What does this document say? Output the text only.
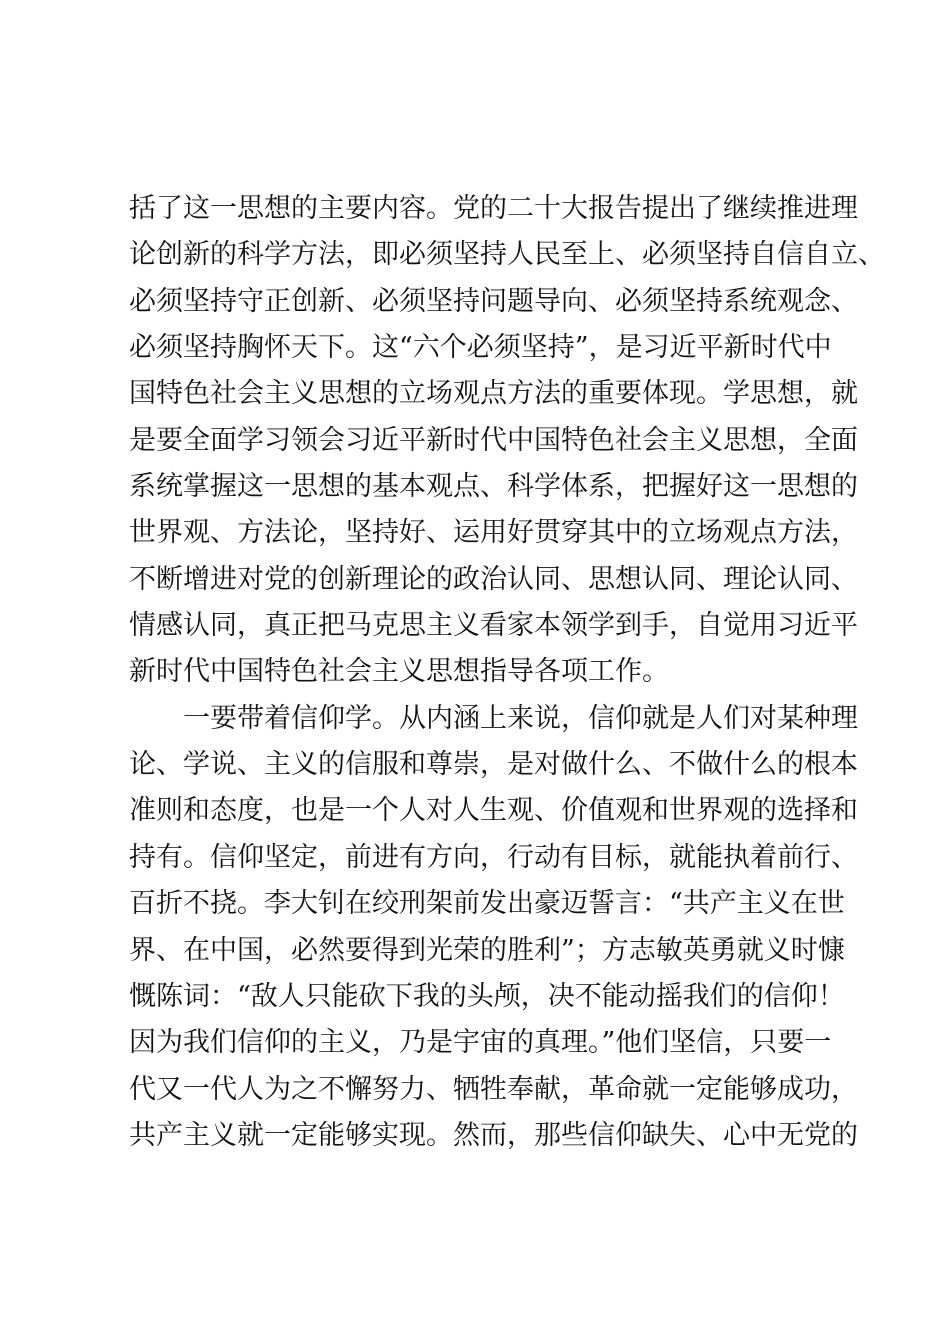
括了这一思想的主要内容。党的二十大报告提出了继续推进理
论创新的科学方法，即必须坚持人民至上、必须坚持自信自立、
必须坚持守正创新、必须坚持问题导向、必须坚持系统观念、
必须坚持胸怀天下。这“六个必须坚持”，是习近平新时代中
国特色社会主义思想的立场观点方法的重要体现。学思想，就
是要全面学习领会习近平新时代中国特色社会主义思想，全面
系统掌握这一思想的基本观点、科学体系，把握好这一思想的
世界观、方法论，坚持好、运用好贯穿其中的立场观点方法，
不断增进对党的创新理论的政治认同、思想认同、理论认同、
情感认同，真正把马克思主义看家本领学到手，自觉用习近平
新时代中国特色社会主义思想指导各项工作。
一要带着信仰学。从内涵上来说，信仰就是人们对某种理
论、学说、主义的信服和尊崇，是对做什么、不做什么的根本
准则和态度，也是一个人对人生观、价值观和世界观的选择和
持有。信仰坚定，前进有方向，行动有目标，就能执着前行、
百折不挠。李大钊在绞刑架前发出豪迈誓言：“共产主义在世
界、在中国，必然要得到光荣的胜利”；方志敏英勇就义时慷
慨陈词：“敌人只能砍下我的头颅，决不能动摇我们的信仰！
因为我们信仰的主义，乃是宇宙的真理。”他们坚信，只要一
代又一代人为之不懈努力、牺牲奉献，革命就一定能够成功，
共产主义就一定能够实现。然而，那些信仰缺失、心中无党的
